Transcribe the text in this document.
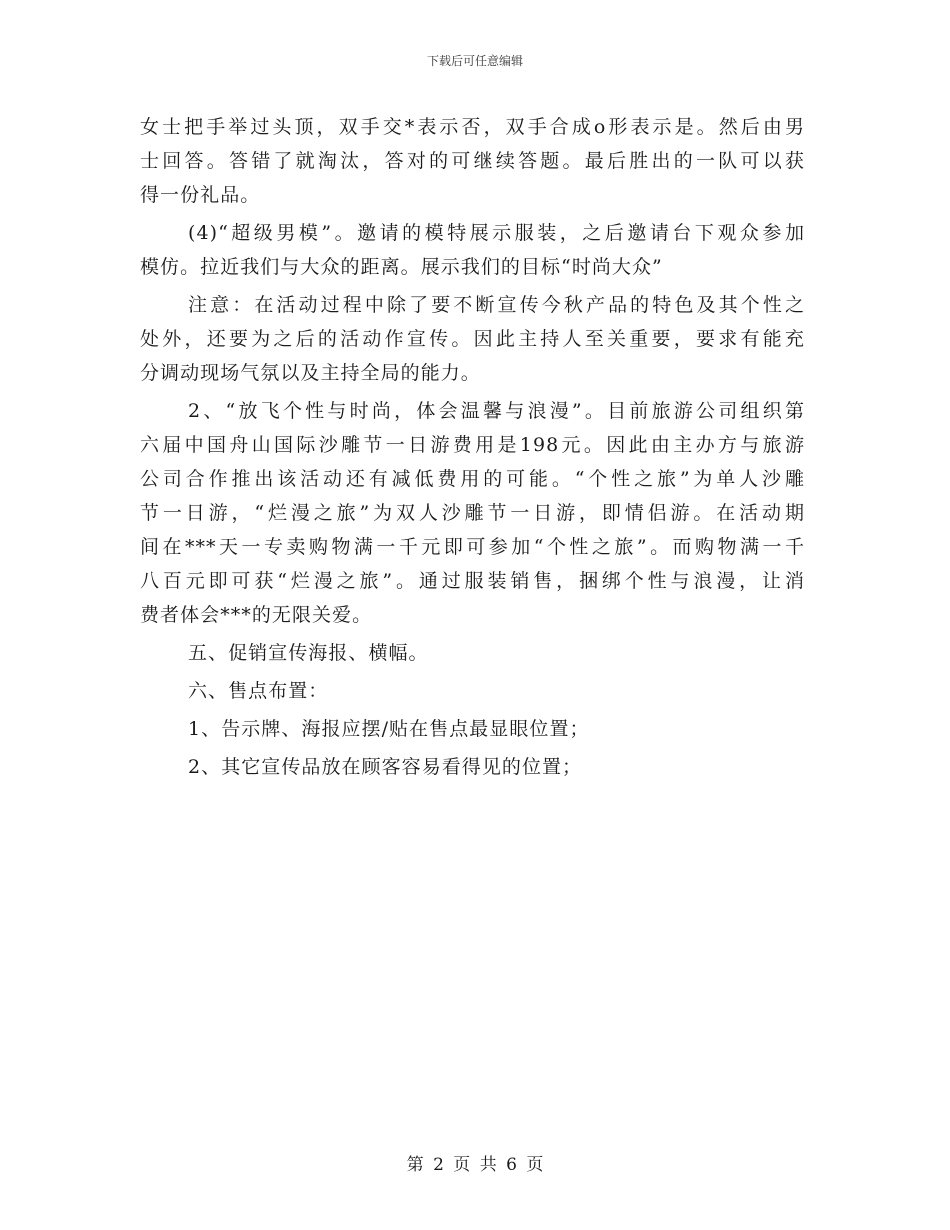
下载后可任意编辑
女士把手举过头顶，双手交*表示否，双手合成o形表示是。然后由男
士回答。答错了就淘汰，答对的可继续答题。最后胜出的一队可以获
得一份礼品。
(4)“超级男模”。邀请的模特展示服装，之后邀请台下观众参加
模仿。拉近我们与大众的距离。展示我们的目标“时尚大众”
注意：在活动过程中除了要不断宣传今秋产品的特色及其个性之
处外，还要为之后的活动作宣传。因此主持人至关重要，要求有能充
分调动现场气氛以及主持全局的能力。
2、“放飞个性与时尚，体会温馨与浪漫”。目前旅游公司组织第
六届中国舟山国际沙雕节一日游费用是198元。因此由主办方与旅游
公司合作推出该活动还有减低费用的可能。“个性之旅”为单人沙雕
节一日游，“烂漫之旅”为双人沙雕节一日游，即情侣游。在活动期
间在***天一专卖购物满一千元即可参加“个性之旅”。而购物满一千
八百元即可获“烂漫之旅”。通过服装销售，捆绑个性与浪漫，让消
费者体会***的无限关爱。
五、促销宣传海报、横幅。
六、售点布置：
1、告示牌、海报应摆/贴在售点最显眼位置；
2、其它宣传品放在顾客容易看得见的位置；
第 2 页 共 6 页
